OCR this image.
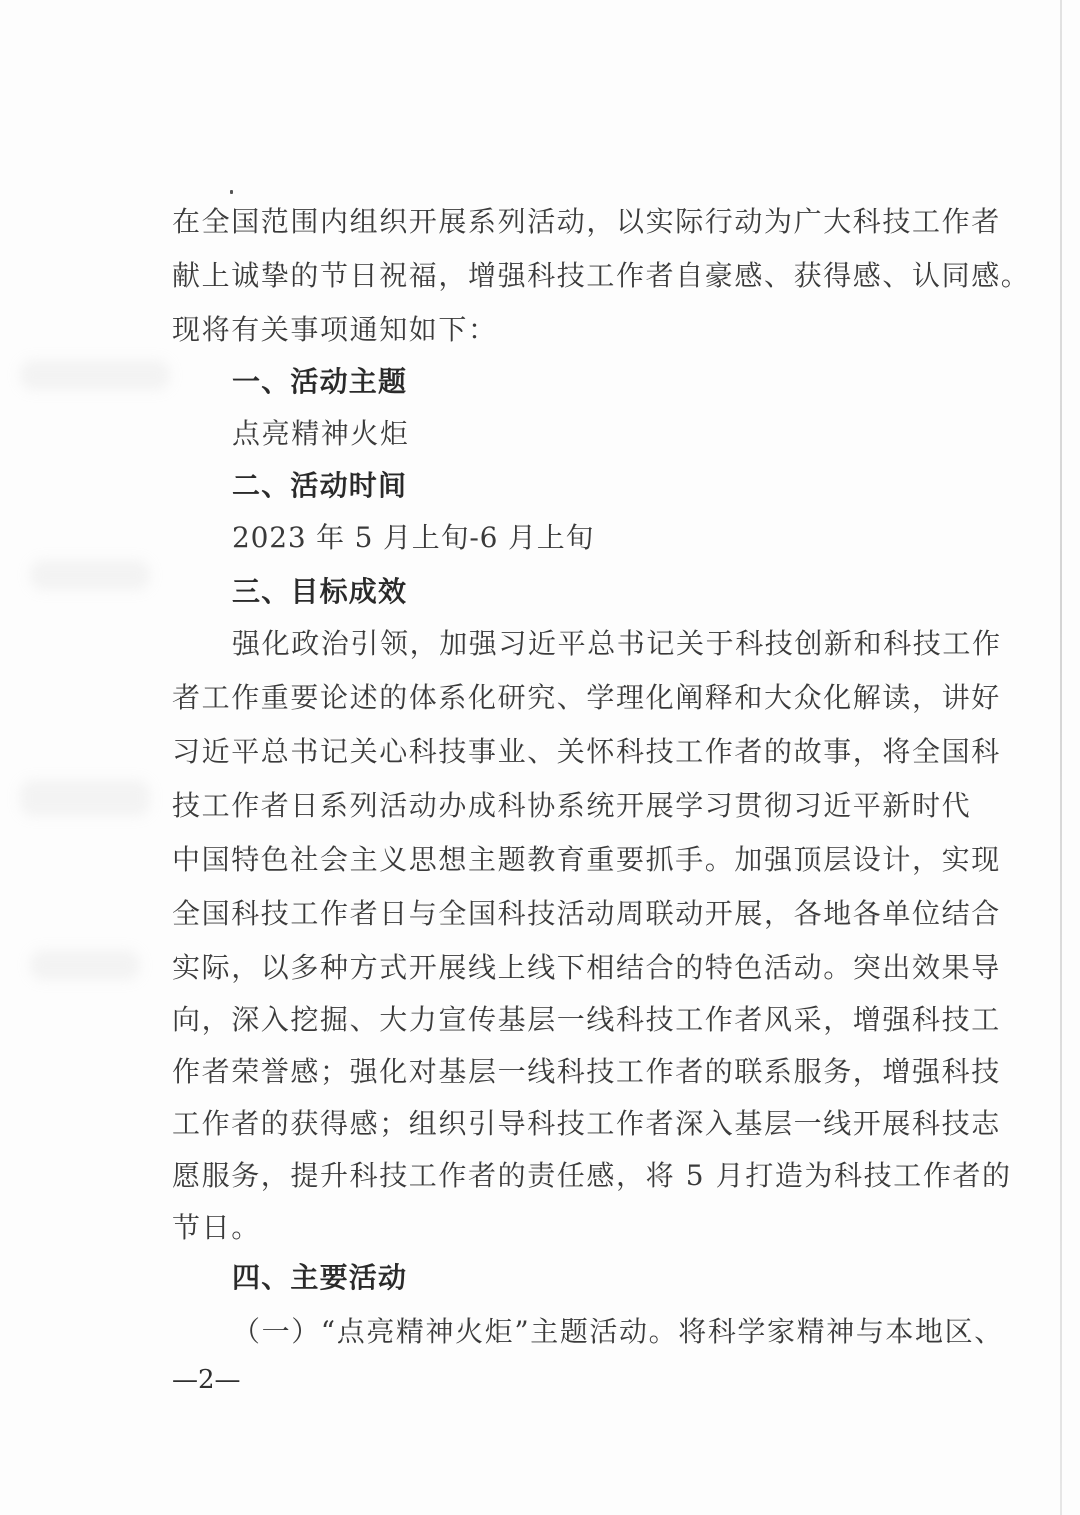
在全国范围内组织开展系列活动，以实际行动为广大科技工作者
献上诚挚的节日祝福，增强科技工作者自豪感、获得感、认同感。
现将有关事项通知如下：
一、活动主题
点亮精神火炬
二、活动时间
2023 年 5 月上旬-6 月上旬
三、目标成效
强化政治引领，加强习近平总书记关于科技创新和科技工作
者工作重要论述的体系化研究、学理化阐释和大众化解读，讲好
习近平总书记关心科技事业、关怀科技工作者的故事，将全国科
技工作者日系列活动办成科协系统开展学习贯彻习近平新时代
中国特色社会主义思想主题教育重要抓手。加强顶层设计，实现
全国科技工作者日与全国科技活动周联动开展，各地各单位结合
实际，以多种方式开展线上线下相结合的特色活动。突出效果导
向，深入挖掘、大力宣传基层一线科技工作者风采，增强科技工
作者荣誉感；强化对基层一线科技工作者的联系服务，增强科技
工作者的获得感；组织引导科技工作者深入基层一线开展科技志
愿服务，提升科技工作者的责任感，将 5 月打造为科技工作者的
节日。
四、主要活动
（一）“点亮精神火炬”主题活动。将科学家精神与本地区、
—2—
